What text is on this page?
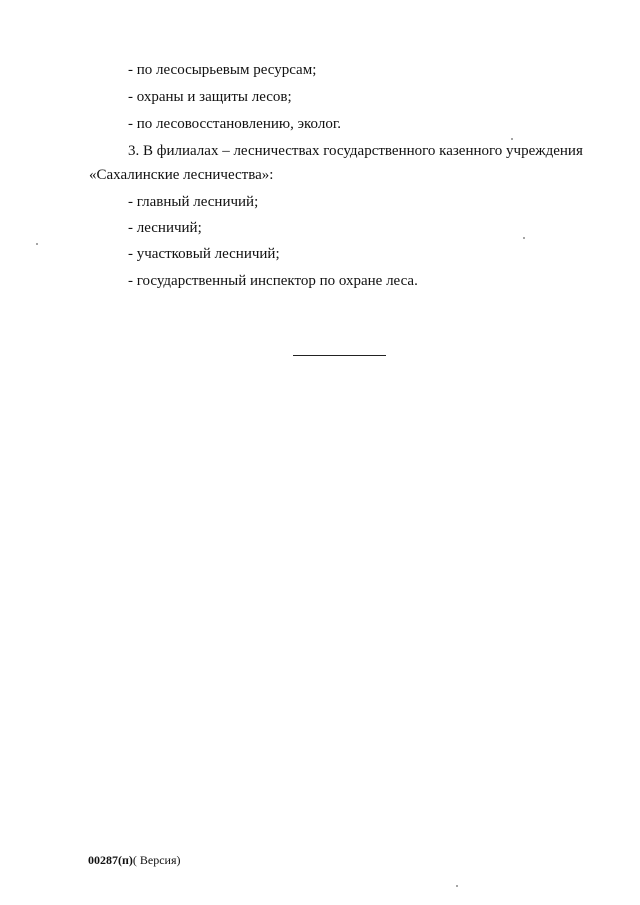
- по лесосырьевым ресурсам;
- охраны и защиты лесов;
- по лесовосстановлению, эколог.
3. В филиалах – лесничествах государственного казенного учреждения
«Сахалинские лесничества»:
- главный лесничий;
- лесничий;
- участковый лесничий;
- государственный инспектор по охране леса.
00287(п)( Версия)
